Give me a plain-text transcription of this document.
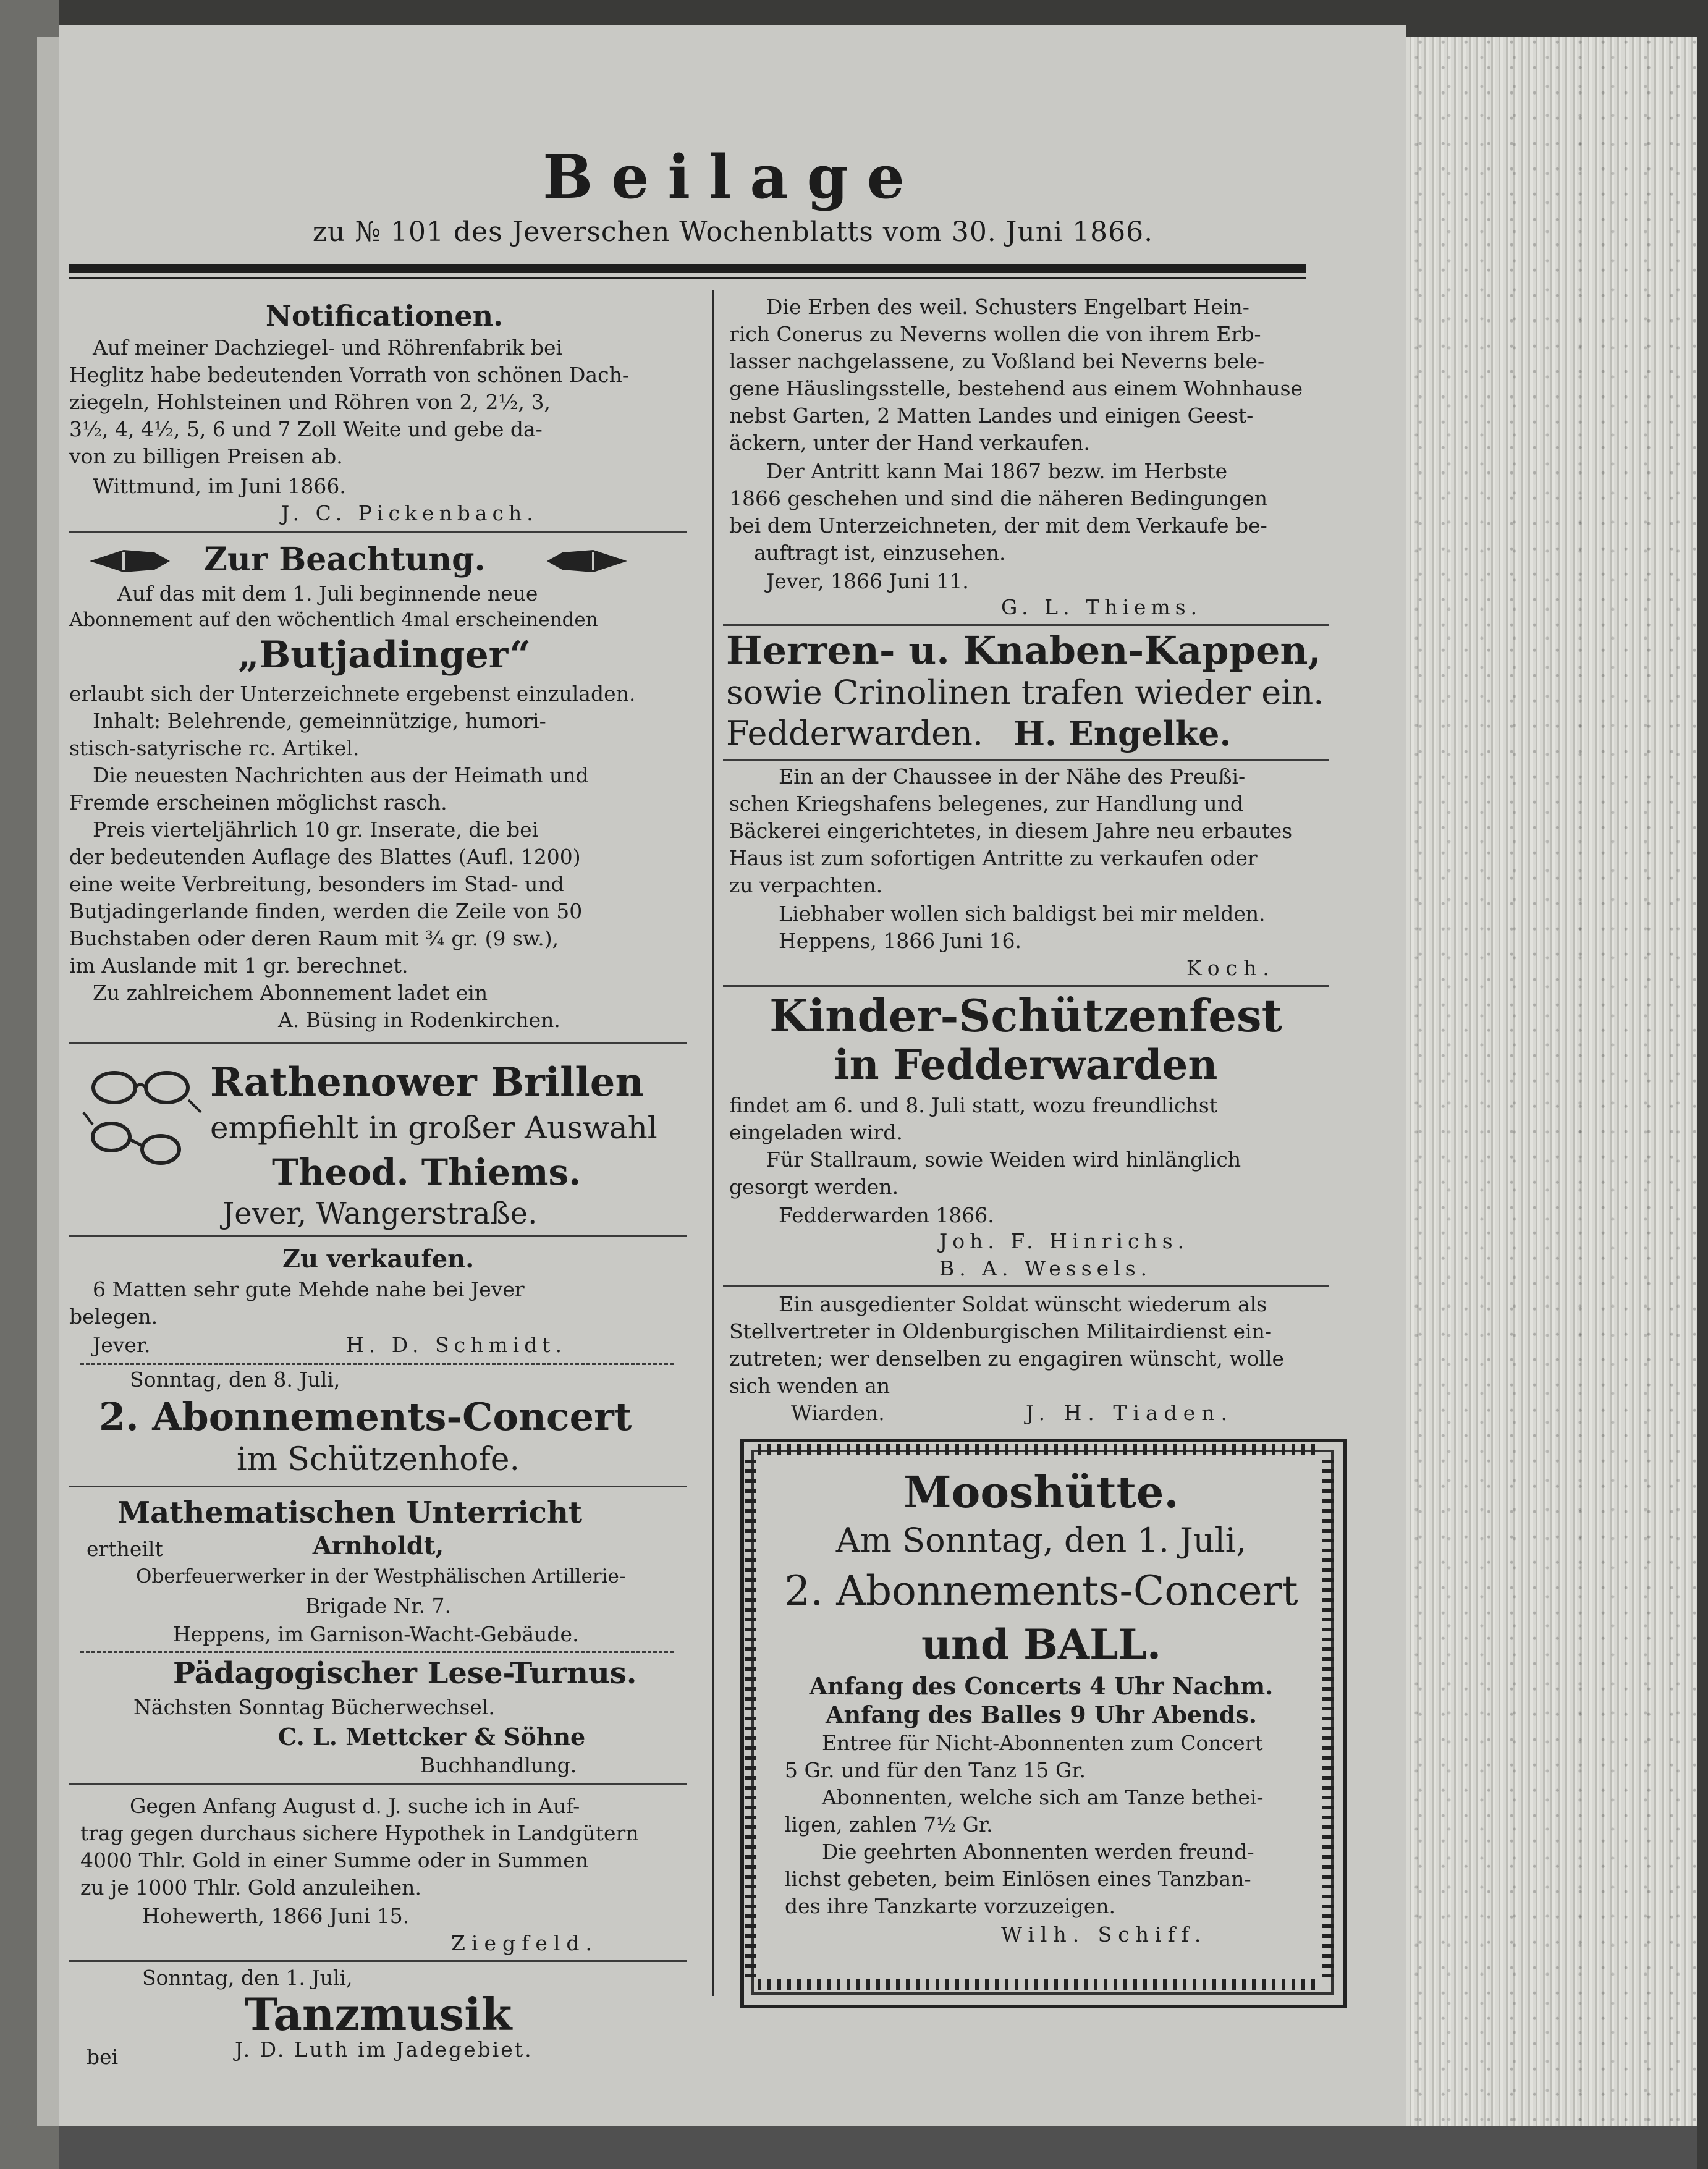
Beilage
zu № 101 des Jeverschen Wochenblatts vom 30. Juni 1866.
Notificationen.
Auf meiner Dachziegel- und Röhrenfabrik bei
Heglitz habe bedeutenden Vorrath von schönen Dach-
ziegeln, Hohlsteinen und Röhren von 2, 2½, 3,
3½, 4, 4½, 5, 6 und 7 Zoll Weite und gebe da-
von zu billigen Preisen ab.
Wittmund, im Juni 1866.
J. C. Pickenbach.
Zur Beachtung.
Auf das mit dem 1. Juli beginnende neue
Abonnement auf den wöchentlich 4mal erscheinenden
„Butjadinger“
erlaubt sich der Unterzeichnete ergebenst einzuladen.
Inhalt: Belehrende, gemeinnützige, humori-
stisch-satyrische rc. Artikel.
Die neuesten Nachrichten aus der Heimath und
Fremde erscheinen möglichst rasch.
Preis vierteljährlich 10 gr. Inserate, die bei
der bedeutenden Auflage des Blattes (Aufl. 1200)
eine weite Verbreitung, besonders im Stad- und
Butjadingerlande finden, werden die Zeile von 50
Buchstaben oder deren Raum mit ¾ gr. (9 sw.),
im Auslande mit 1 gr. berechnet.
Zu zahlreichem Abonnement ladet ein
A. Büsing in Rodenkirchen.
Rathenower Brillen
empfiehlt in großer Auswahl
Theod. Thiems.
Jever, Wangerstraße.
Zu verkaufen.
6 Matten sehr gute Mehde nahe bei Jever
belegen.
Jever.	H. D. Schmidt.
Sonntag, den 8. Juli,
2. Abonnements-Concert
im Schützenhofe.
Mathematischen Unterricht
ertheilt	Arnholdt,
Oberfeuerwerker in der Westphälischen Artillerie-
Brigade Nr. 7.
Heppens, im Garnison-Wacht-Gebäude.
Pädagogischer Lese-Turnus.
Nächsten Sonntag Bücherwechsel.
C. L. Mettcker & Söhne
Buchhandlung.
Gegen Anfang August d. J. suche ich in Auf-
trag gegen durchaus sichere Hypothek in Landgütern
4000 Thlr. Gold in einer Summe oder in Summen
zu je 1000 Thlr. Gold anzuleihen.
Hohewerth, 1866 Juni 15.
Ziegfeld.
Sonntag, den 1. Juli,
Tanzmusik
bei	J. D. Luth im Jadegebiet.
Die Erben des weil. Schusters Engelbart Hein-
rich Conerus zu Neverns wollen die von ihrem Erb-
lasser nachgelassene, zu Voßland bei Neverns bele-
gene Häuslingsstelle, bestehend aus einem Wohnhause
nebst Garten, 2 Matten Landes und einigen Geest-
äckern, unter der Hand verkaufen.
Der Antritt kann Mai 1867 bezw. im Herbste
1866 geschehen und sind die näheren Bedingungen
bei dem Unterzeichneten, der mit dem Verkaufe be-
auftragt ist, einzusehen.
Jever, 1866 Juni 11.
G. L. Thiems.
Herren- u. Knaben-Kappen,
sowie Crinolinen trafen wieder ein.
Fedderwarden. H. Engelke.
Ein an der Chaussee in der Nähe des Preußi-
schen Kriegshafens belegenes, zur Handlung und
Bäckerei eingerichtetes, in diesem Jahre neu erbautes
Haus ist zum sofortigen Antritte zu verkaufen oder
zu verpachten.
Liebhaber wollen sich baldigst bei mir melden.
Heppens, 1866 Juni 16.
Koch.
Kinder-Schützenfest
in Fedderwarden
findet am 6. und 8. Juli statt, wozu freundlichst
eingeladen wird.
Für Stallraum, sowie Weiden wird hinlänglich
gesorgt werden.
Fedderwarden 1866.
Joh. F. Hinrichs.
B. A. Wessels.
Ein ausgedienter Soldat wünscht wiederum als
Stellvertreter in Oldenburgischen Militairdienst ein-
zutreten; wer denselben zu engagiren wünscht, wolle
sich wenden an
Wiarden.	J. H. Tiaden.
Mooshütte.
Am Sonntag, den 1. Juli,
2. Abonnements-Concert
und BALL.
Anfang des Concerts 4 Uhr Nachm.
Anfang des Balles 9 Uhr Abends.
Entree für Nicht-Abonnenten zum Concert
5 Gr. und für den Tanz 15 Gr.
Abonnenten, welche sich am Tanze bethei-
ligen, zahlen 7½ Gr.
Die geehrten Abonnenten werden freund-
lichst gebeten, beim Einlösen eines Tanzban-
des ihre Tanzkarte vorzuzeigen.
Wilh. Schiff.
